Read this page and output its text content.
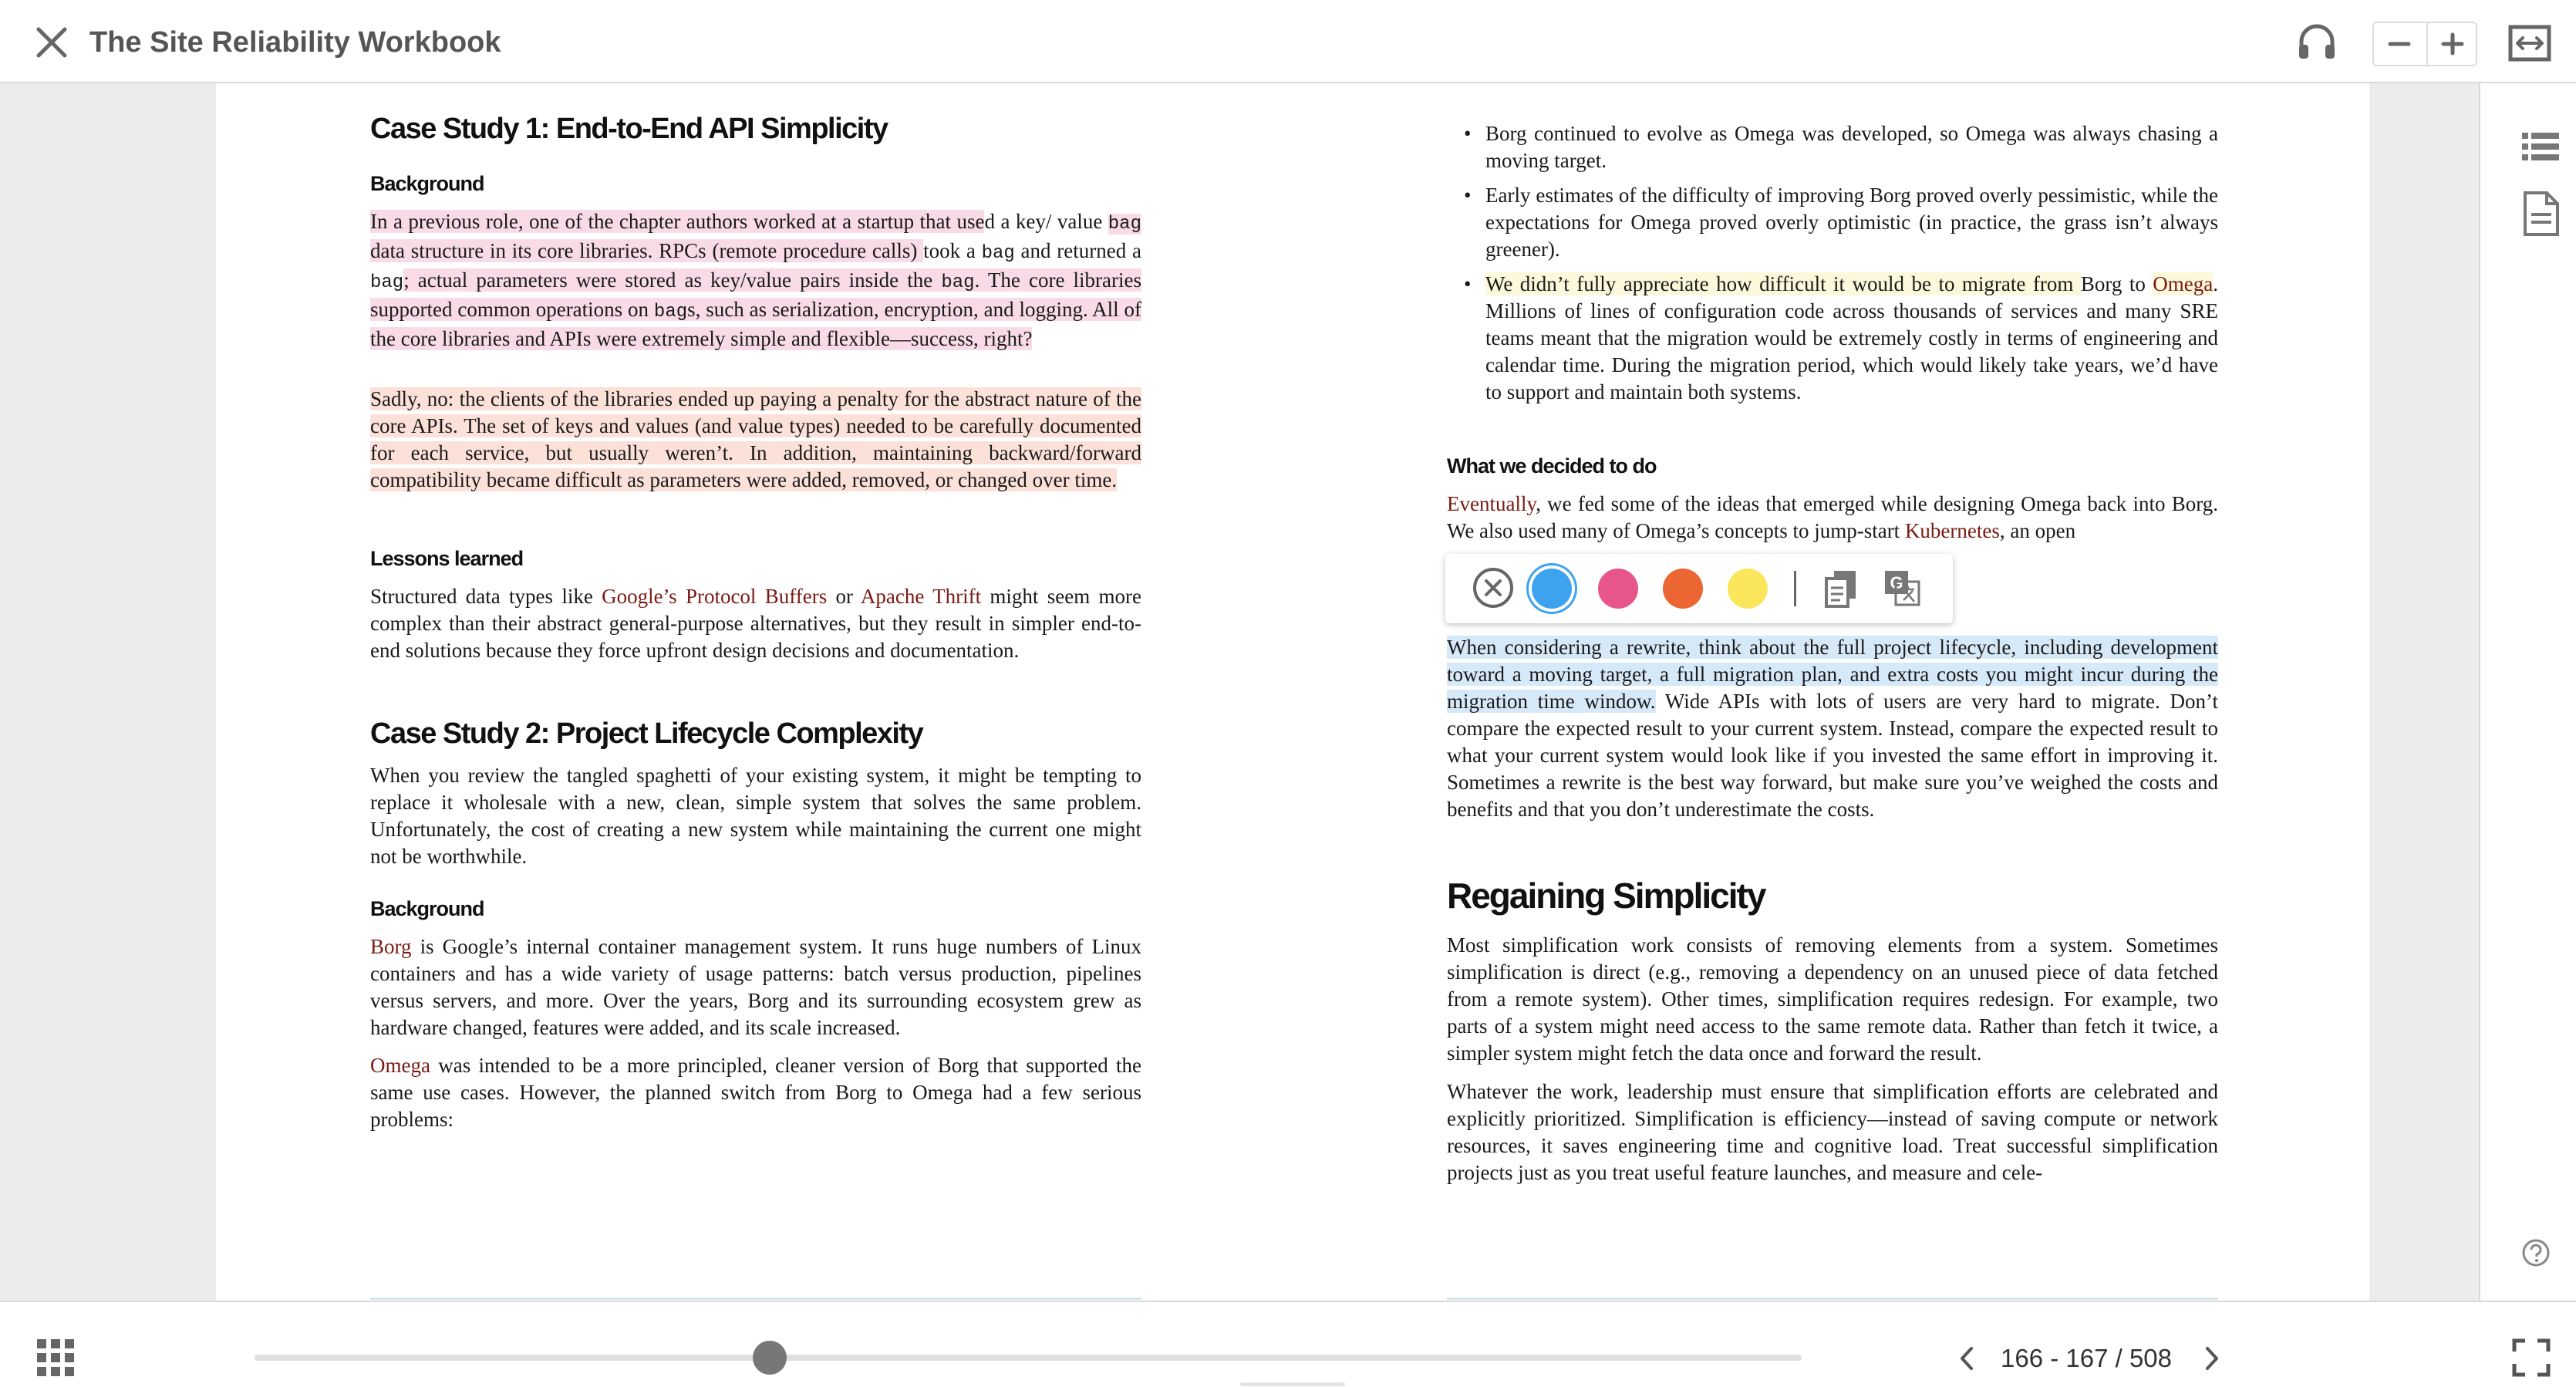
The Site Reliability Workbook
Case Study 1: End-to-End API Simplicity
Background

In a previous role, one of the chapter authors worked at a startup that used a key/ value bag data structure in its core libraries. RPCs (remote procedure calls) took a bag and returned a bag; actual parameters were stored as key/value pairs inside the bag. The core libraries supported common operations on bags, such as serialization, encryption, and logging. All of the core libraries and APIs were extremely simple and flexible—success, right?

Sadly, no: the clients of the libraries ended up paying a penalty for the abstract nature of the core APIs. The set of keys and values (and value types) needed to be carefully documented for each service, but usually weren’t. In addition, maintaining backward/forward compatibility became difficult as parameters were added, removed, or changed over time.

Lessons learned

Structured data types like Google’s Protocol Buffers or Apache Thrift might seem more complex than their abstract general-purpose alternatives, but they result in simpler end-to-end solutions because they force upfront design decisions and documentation.

Case Study 2: Project Lifecycle Complexity

When you review the tangled spaghetti of your existing system, it might be tempting to replace it wholesale with a new, clean, simple system that solves the same problem. Unfortunately, the cost of creating a new system while maintaining the current one might not be worthwhile.

Background

Borg is Google’s internal container management system. It runs huge numbers of Linux containers and has a wide variety of usage patterns: batch versus production, pipelines versus servers, and more. Over the years, Borg and its surrounding ecosystem grew as hardware changed, features were added, and its scale increased.

Omega was intended to be a more principled, cleaner version of Borg that supported the same use cases. However, the planned switch from Borg to Omega had a few serious problems:

• Borg continued to evolve as Omega was developed, so Omega was always chasing a moving target.
• Early estimates of the difficulty of improving Borg proved overly pessimistic, while the expectations for Omega proved overly optimistic (in practice, the grass isn’t always greener).
• We didn’t fully appreciate how difficult it would be to migrate from Borg to Omega. Millions of lines of configuration code across thousands of services and many SRE teams meant that the migration would be extremely costly in terms of engineering and calendar time. During the migration period, which would likely take years, we’d have to support and maintain both systems.
What we decided to do

Eventually, we fed some of the ideas that emerged while designing Omega back into Borg. We also used many of Omega’s concepts to jump-start Kubernetes, an open

When considering a rewrite, think about the full project lifecycle, including development toward a moving target, a full migration plan, and extra costs you might incur during the migration time window. Wide APIs with lots of users are very hard to migrate. Don’t compare the expected result to your current system. Instead, compare the expected result to what your current system would look like if you invested the same effort in improving it. Sometimes a rewrite is the best way forward, but make sure you’ve weighed the costs and benefits and that you don’t underestimate the costs.

Regaining Simplicity

Most simplification work consists of removing elements from a system. Sometimes simplification is direct (e.g., removing a dependency on an unused piece of data fetched from a remote system). Other times, simplification requires redesign. For example, two parts of a system might need access to the same remote data. Rather than fetch it twice, a simpler system might fetch the data once and forward the result.

Whatever the work, leadership must ensure that simplification efforts are celebrated and explicitly prioritized. Simplification is efficiency—instead of saving compute or network resources, it saves engineering time and cognitive load. Treat successful simplification projects just as you treat useful feature launches, and measure and cele-

G
166 - 167 / 508
